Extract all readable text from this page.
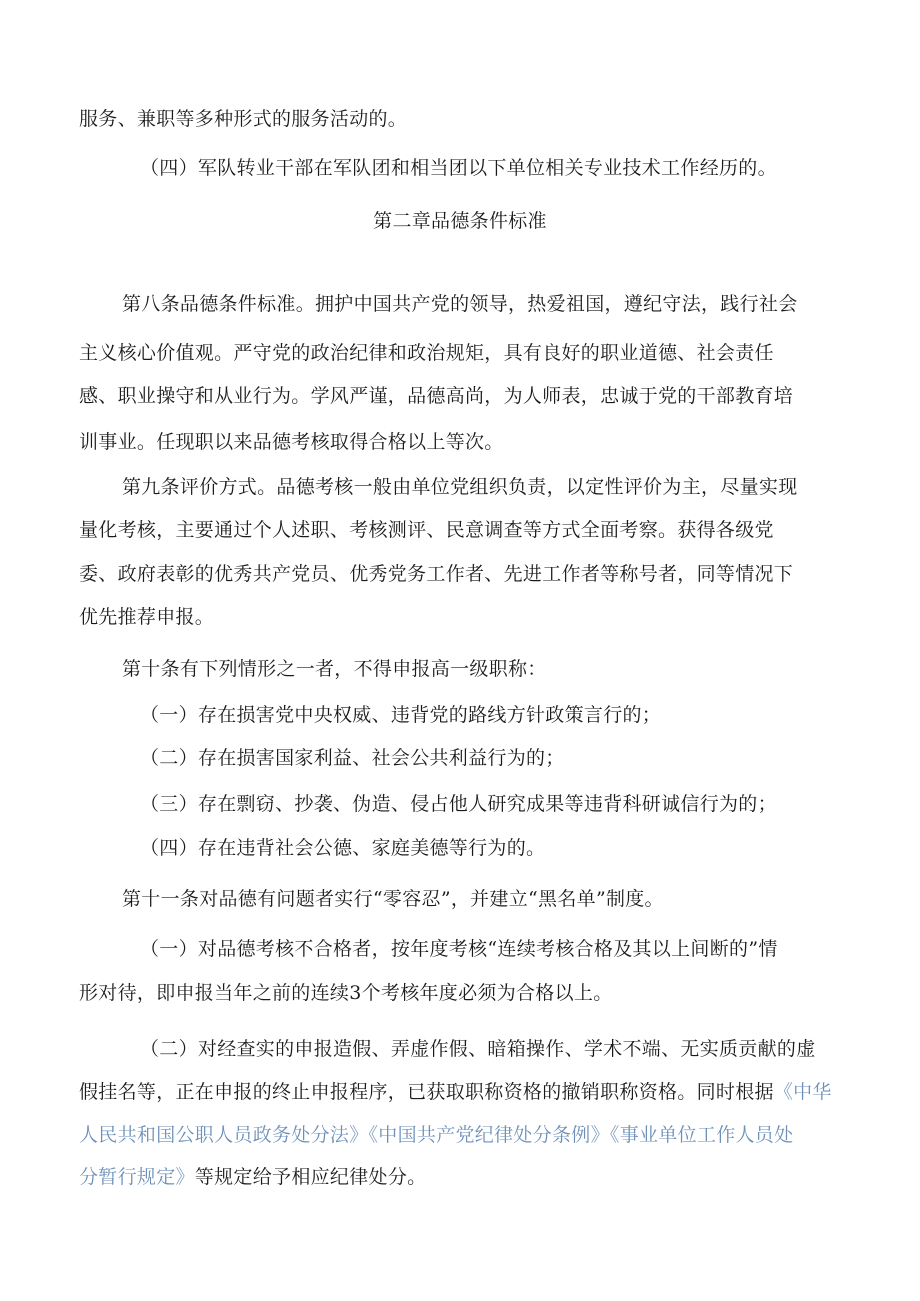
服务、兼职等多种形式的服务活动的。
（四）军队转业干部在军队团和相当团以下单位相关专业技术工作经历的。
第二章品德条件标准
第八条品德条件标准。拥护中国共产党的领导，热爱祖国，遵纪守法，践行社会
主义核心价值观。严守党的政治纪律和政治规矩，具有良好的职业道德、社会责任
感、职业操守和从业行为。学风严谨，品德高尚，为人师表，忠诚于党的干部教育培
训事业。任现职以来品德考核取得合格以上等次。
第九条评价方式。品德考核一般由单位党组织负责，以定性评价为主，尽量实现
量化考核，主要通过个人述职、考核测评、民意调查等方式全面考察。获得各级党
委、政府表彰的优秀共产党员、优秀党务工作者、先进工作者等称号者，同等情况下
优先推荐申报。
第十条有下列情形之一者，不得申报高一级职称：
（一）存在损害党中央权威、违背党的路线方针政策言行的；
（二）存在损害国家利益、社会公共利益行为的；
（三）存在剽窃、抄袭、伪造、侵占他人研究成果等违背科研诚信行为的；
（四）存在违背社会公德、家庭美德等行为的。
第十一条对品德有问题者实行“零容忍”，并建立“黑名单”制度。
（一）对品德考核不合格者，按年度考核“连续考核合格及其以上间断的”情
形对待，即申报当年之前的连续3个考核年度必须为合格以上。
（二）对经查实的申报造假、弄虚作假、暗箱操作、学术不端、无实质贡献的虚
假挂名等，正在申报的终止申报程序，已获取职称资格的撤销职称资格。同时根据《中华
人民共和国公职人员政务处分法》《中国共产党纪律处分条例》《事业单位工作人员处
分暂行规定》等规定给予相应纪律处分。
